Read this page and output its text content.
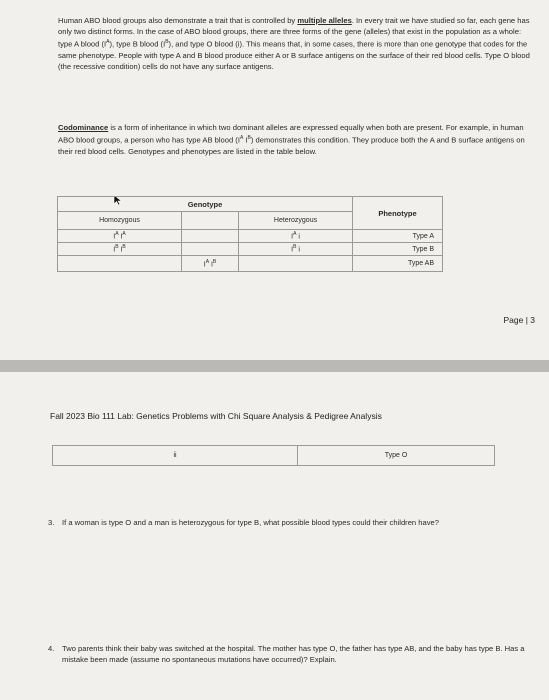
Human ABO blood groups also demonstrate a trait that is controlled by multiple alleles. In every trait we have studied so far, each gene has only two distinct forms. In the case of ABO blood groups, there are three forms of the gene (alleles) that exist in the population as a whole: type A blood $(I^A)$, type B blood $(I^B)$, and type O blood (i). This means that, in some cases, there is more than one genotype that codes for the same phenotype. People with type A and B blood produce either A or B surface antigens on the surface of their red blood cells. Type O blood (the recessive condition) cells do not have any surface antigens.

Codominance is a form of inheritance in which two dominant alleles are expressed equally when both are present. For example, in human ABO blood groups, a person who has type AB blood ($I^A$ $I^B$) demonstrates this condition. They produce both the A and B surface antigens on their red blood cells. Genotypes and phenotypes are listed in the table below.

Genotype			Phenotype
Homozygous		Heterozygous	
$I^A$ $I^A$		$I^A$ i	Type A
$I^B$ $I^B$		$I^B$ i	Type B
	$I^A$ $I^B$		Type AB
Page | 3
Fall 2023 Bio 111 Lab: Genetics Problems with Chi Square Analysis & Pedigree Analysis
ii	Type O

3. If a woman is type O and a man is heterozygous for type B, what possible blood types could their children have?

4. Two parents think their baby was switched at the hospital. The mother has type O, the father has type AB, and the baby has type B. Has a mistake been made (assume no spontaneous mutations have occurred)? Explain.
